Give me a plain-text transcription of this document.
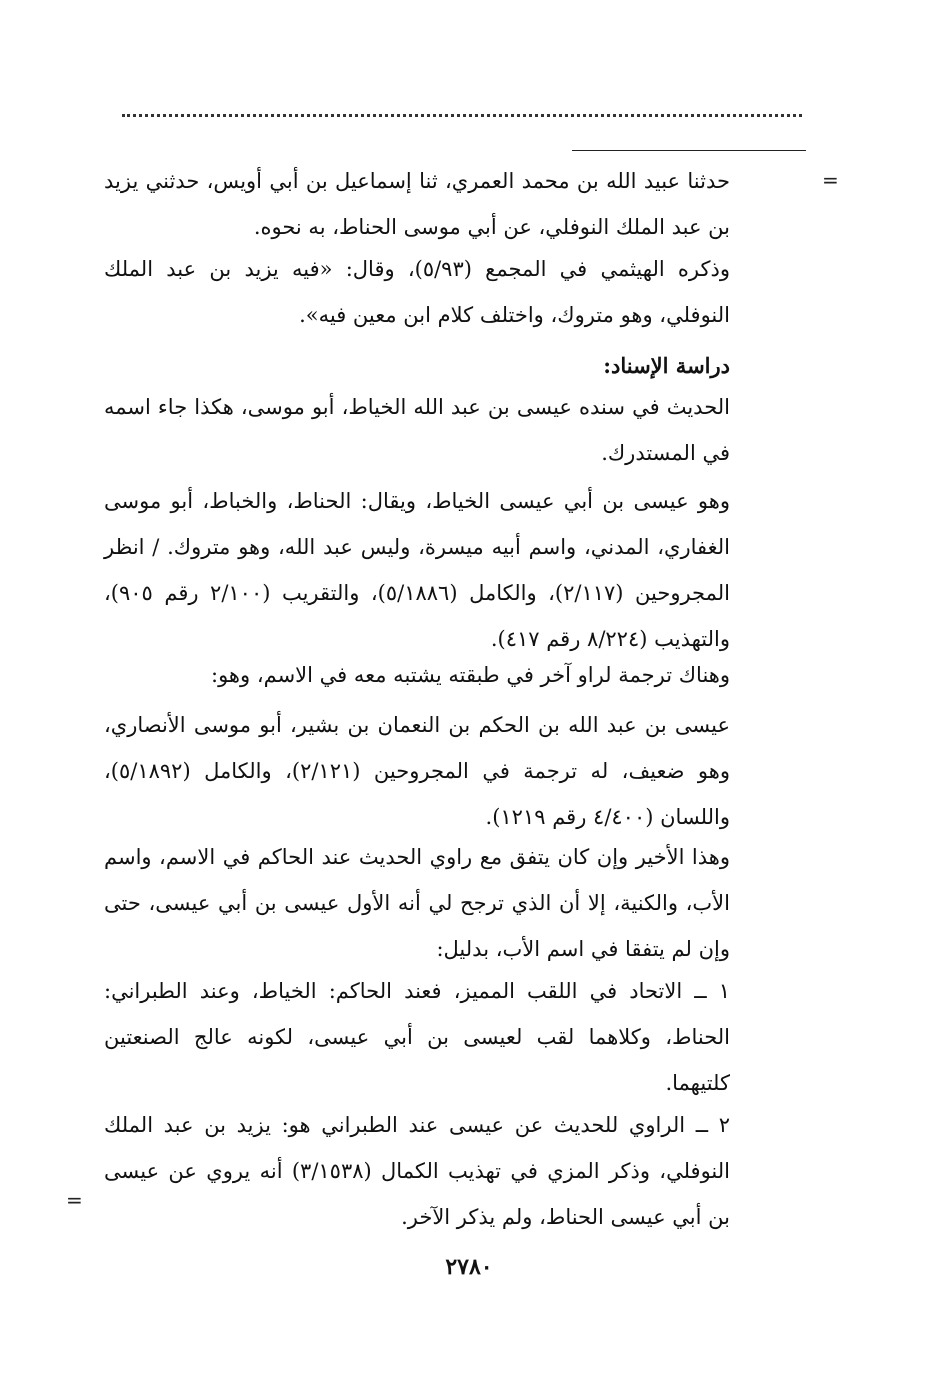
=

حدثنا عبيد الله بن محمد العمري، ثنا إسماعيل بن أبي أويس، حدثني يزيد بن عبد الملك النوفلي، عن أبي موسى الحناط، به نحوه.

وذكره الهيثمي في المجمع (٥/٩٣)، وقال: «فيه يزيد بن عبد الملك النوفلي، وهو متروك، واختلف كلام ابن معين فيه».

دراسة الإسناد:

الحديث في سنده عيسى بن عبد الله الخياط، أبو موسى، هكذا جاء اسمه في المستدرك.

وهو عيسى بن أبي عيسى الخياط، ويقال: الحناط، والخباط، أبو موسى الغفاري، المدني، واسم أبيه ميسرة، وليس عبد الله، وهو متروك. / انظر المجروحين (٢/١١٧)، والكامل (٥/١٨٨٦)، والتقريب (٢/١٠٠ رقم ٩٠٥)، والتهذيب (٨/٢٢٤ رقم ٤١٧).

وهناك ترجمة لراو آخر في طبقته يشتبه معه في الاسم، وهو:

عيسى بن عبد الله بن الحكم بن النعمان بن بشير، أبو موسى الأنصاري، وهو ضعيف، له ترجمة في المجروحين (٢/١٢١)، والكامل (٥/١٨٩٢)، واللسان (٤/٤٠٠ رقم ١٢١٩).

وهذا الأخير وإن كان يتفق مع راوي الحديث عند الحاكم في الاسم، واسم الأب، والكنية، إلا أن الذي ترجح لي أنه الأول عيسى بن أبي عيسى، حتى وإن لم يتفقا في اسم الأب، بدليل:

١ ــ الاتحاد في اللقب المميز، فعند الحاكم: الخياط، وعند الطبراني: الحناط، وكلاهما لقب لعيسى بن أبي عيسى، لكونه عالج الصنعتين كلتيهما.

٢ ــ الراوي للحديث عن عيسى عند الطبراني هو: يزيد بن عبد الملك النوفلي، وذكر المزي في تهذيب الكمال (٣/١٥٣٨) أنه يروي عن عيسى بن أبي عيسى الحناط، ولم يذكر الآخر.

=
٢٧٨٠
